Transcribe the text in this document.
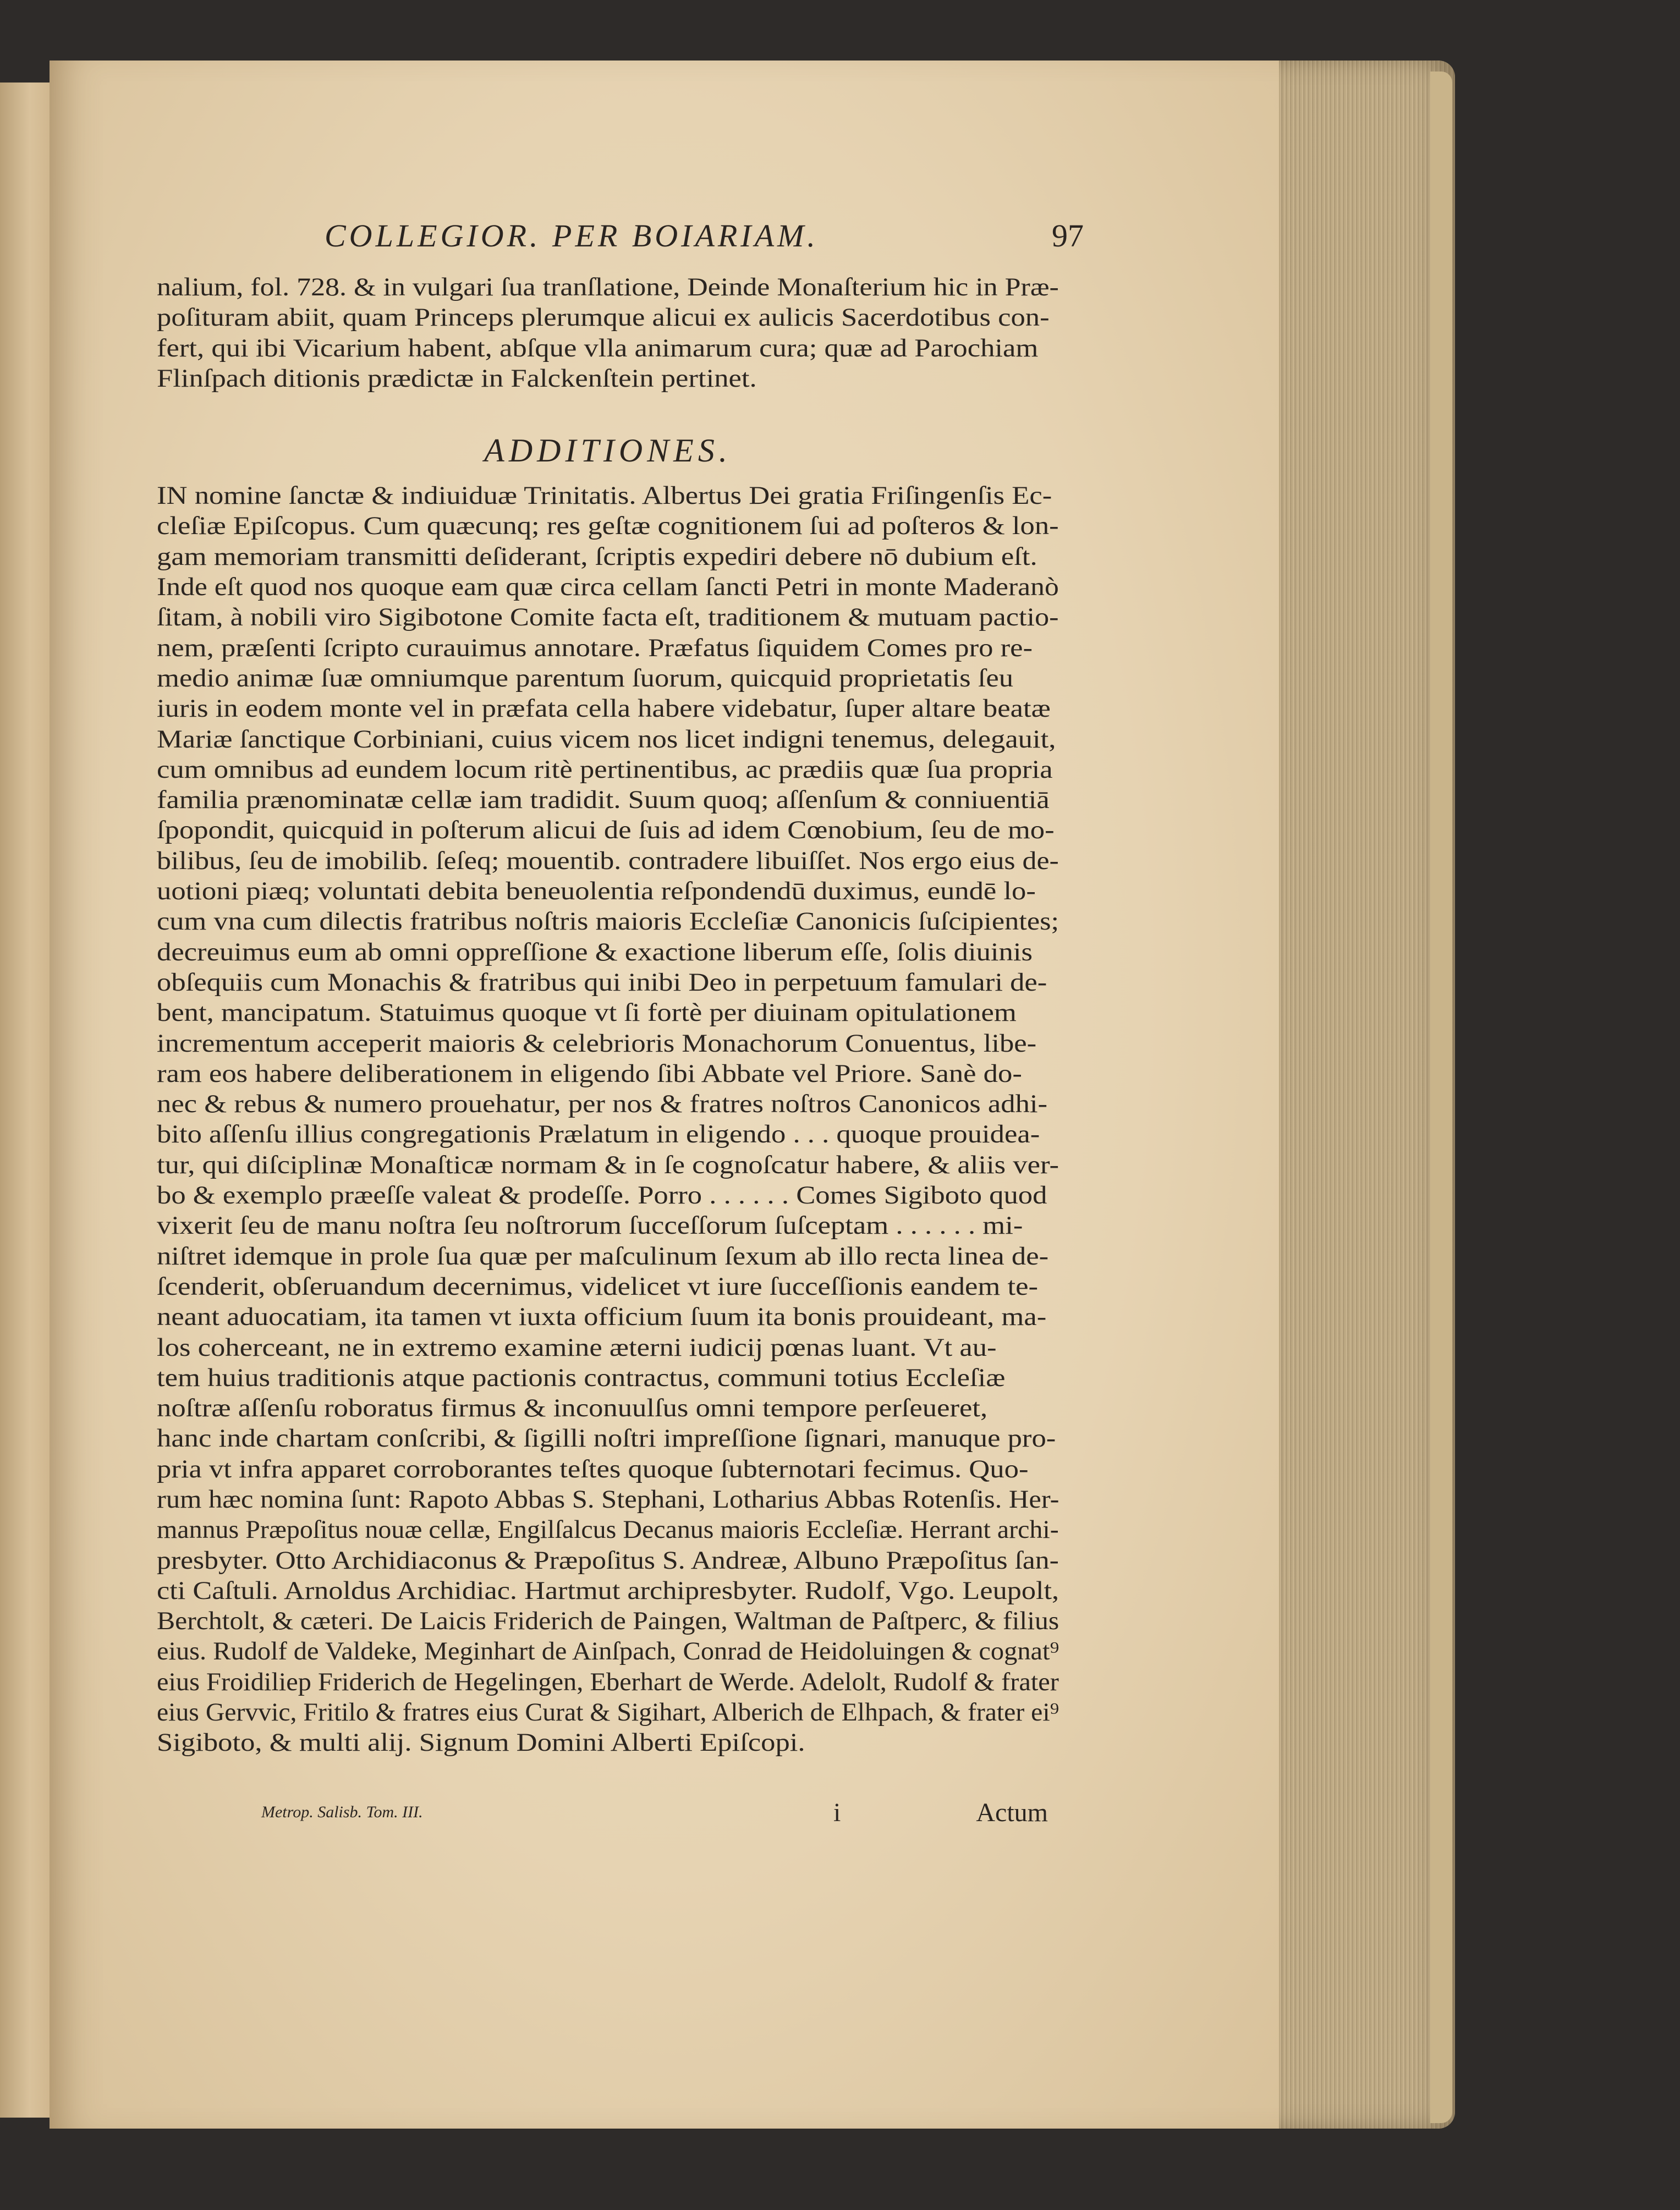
COLLEGIOR. PER BOIARIAM.	97
nalium, fol. 728. & in vulgari ſua tranſlatione, Deinde Monaſterium hic in Præ-
poſituram abiit, quam Princeps plerumque alicui ex aulicis Sacerdotibus con-
fert, qui ibi Vicarium habent, abſque vlla animarum cura; quæ ad Parochiam
Flinſpach ditionis prædictæ in Falckenſtein pertinet.
ADDITIONES.
IN nomine ſanctæ & indiuiduæ Trinitatis. Albertus Dei gratia Friſingenſis Ec-
cleſiæ Epiſcopus. Cum quæcunq; res geſtæ cognitionem ſui ad poſteros & lon-
gam memoriam transmitti deſiderant, ſcriptis expediri debere nō dubium eſt.
Inde eſt quod nos quoque eam quæ circa cellam ſancti Petri in monte Maderanò
ſitam, à nobili viro Sigibotone Comite facta eſt, traditionem & mutuam pactio-
nem, præſenti ſcripto curauimus annotare. Præfatus ſiquidem Comes pro re-
medio animæ ſuæ omniumque parentum ſuorum, quicquid proprietatis ſeu
iuris in eodem monte vel in præfata cella habere videbatur, ſuper altare beatæ
Mariæ ſanctique Corbiniani, cuius vicem nos licet indigni tenemus, delegauit,
cum omnibus ad eundem locum ritè pertinentibus, ac prædiis quæ ſua propria
familia prænominatæ cellæ iam tradidit. Suum quoq; aſſenſum & conniuentiā
ſpopondit, quicquid in poſterum alicui de ſuis ad idem Cœnobium, ſeu de mo-
bilibus, ſeu de imobilib. ſeſeq; mouentib. contradere libuiſſet. Nos ergo eius de-
uotioni piæq; voluntati debita beneuolentia reſpondendū duximus, eundē lo-
cum vna cum dilectis fratribus noſtris maioris Eccleſiæ Canonicis ſuſcipientes;
decreuimus eum ab omni oppreſſione & exactione liberum eſſe, ſolis diuinis
obſequiis cum Monachis & fratribus qui inibi Deo in perpetuum famulari de-
bent, mancipatum. Statuimus quoque vt ſi fortè per diuinam opitulationem
incrementum acceperit maioris & celebrioris Monachorum Conuentus, libe-
ram eos habere deliberationem in eligendo ſibi Abbate vel Priore. Sanè do-
nec & rebus & numero prouehatur, per nos & fratres noſtros Canonicos adhi-
bito aſſenſu illius congregationis Prælatum in eligendo . . . quoque prouidea-
tur, qui diſciplinæ Monaſticæ normam & in ſe cognoſcatur habere, & aliis ver-
bo & exemplo præeſſe valeat & prodeſſe. Porro . . . . . . Comes Sigiboto quod
vixerit ſeu de manu noſtra ſeu noſtrorum ſucceſſorum ſuſceptam . . . . . . mi-
niſtret idemque in prole ſua quæ per maſculinum ſexum ab illo recta linea de-
ſcenderit, obſeruandum decernimus, videlicet vt iure ſucceſſionis eandem te-
neant aduocatiam, ita tamen vt iuxta officium ſuum ita bonis prouideant, ma-
los coherceant, ne in extremo examine æterni iudicij pœnas luant. Vt au-
tem huius traditionis atque pactionis contractus, communi totius Eccleſiæ
noſtræ aſſenſu roboratus firmus & inconuulſus omni tempore perſeueret,
hanc inde chartam conſcribi, & ſigilli noſtri impreſſione ſignari, manuque pro-
pria vt infra apparet corroborantes teſtes quoque ſubternotari fecimus. Quo-
rum hæc nomina ſunt: Rapoto Abbas S. Stephani, Lotharius Abbas Rotenſis. Her-
mannus Præpoſitus nouæ cellæ, Engilſalcus Decanus maioris Eccleſiæ. Herrant archi-
presbyter. Otto Archidiaconus & Præpoſitus S. Andreæ, Albuno Præpoſitus ſan-
cti Caſtuli. Arnoldus Archidiac. Hartmut archipresbyter. Rudolf, Vgo. Leupolt,
Berchtolt, & cæteri. De Laicis Friderich de Paingen, Waltman de Paſtperc, & filius
eius. Rudolf de Valdeke, Meginhart de Ainſpach, Conrad de Heidoluingen & cognat⁹
eius Froidiliep Friderich de Hegelingen, Eberhart de Werde. Adelolt, Rudolf & frater
eius Gervvic, Fritilo & fratres eius Curat & Sigihart, Alberich de Elhpach, & frater ei⁹
Sigiboto, & multi alij. Signum Domini Alberti Epiſcopi.
Metrop. Salisb. Tom. III.	i	Actum
